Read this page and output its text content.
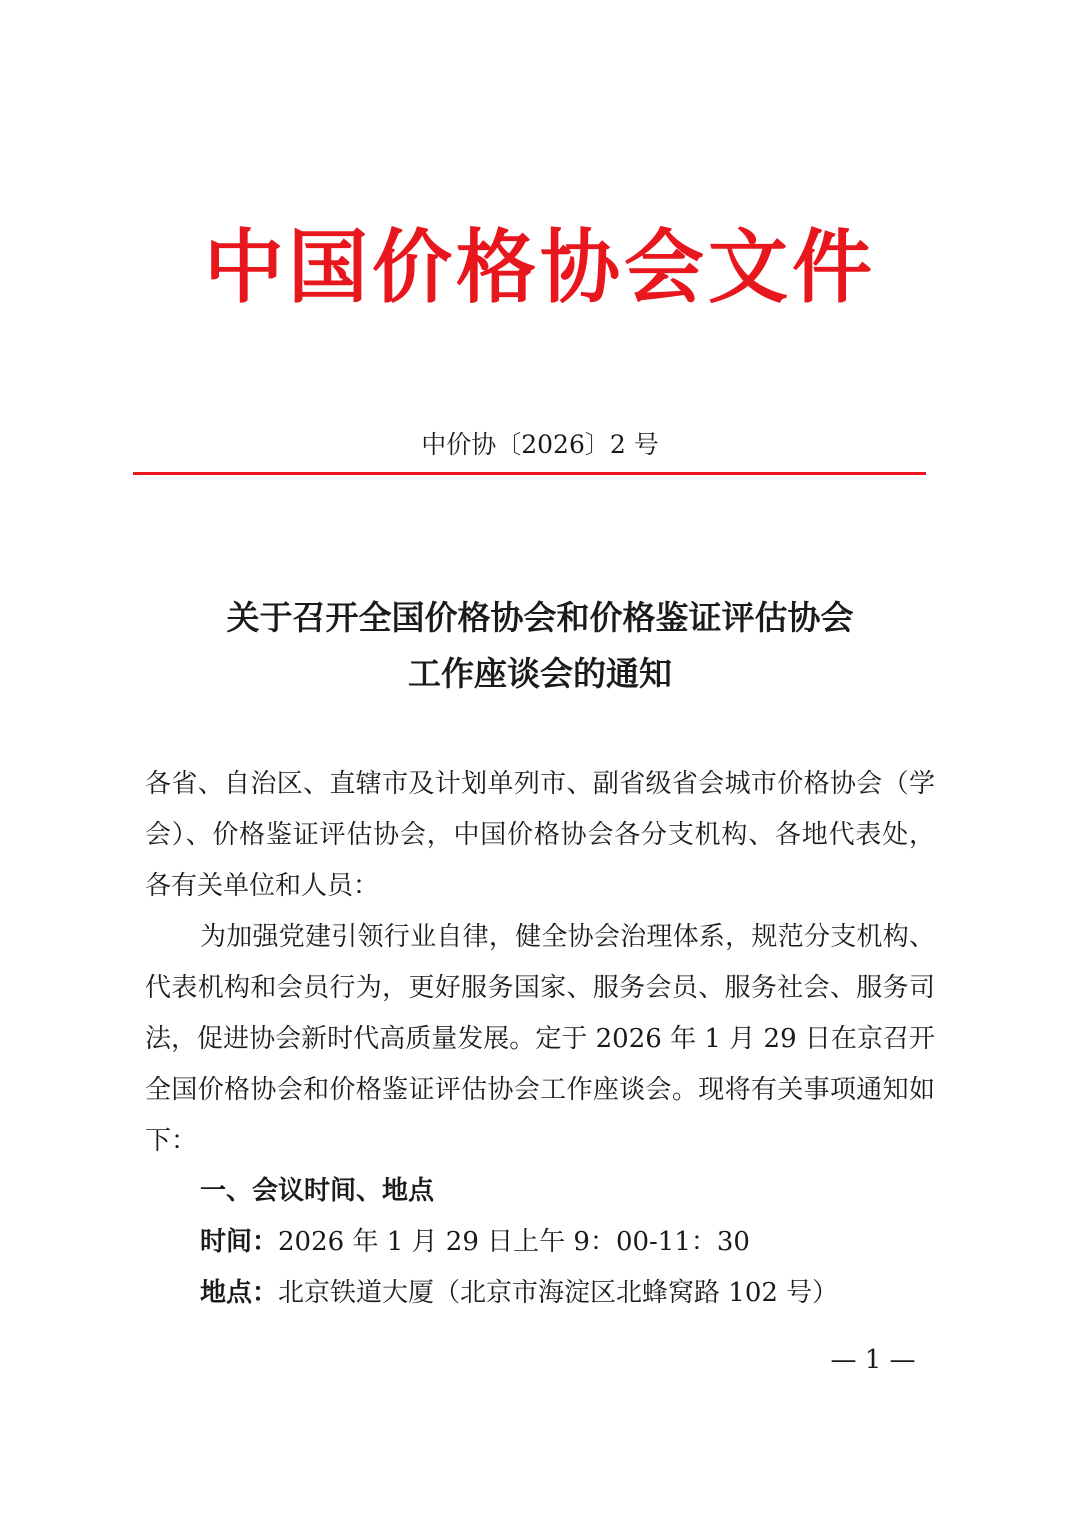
中国价格协会文件
中价协〔2026〕2 号
关于召开全国价格协会和价格鉴证评估协会
工作座谈会的通知
各省、自治区、直辖市及计划单列市、副省级省会城市价格协会（学会）、价格鉴证评估协会，中国价格协会各分支机构、各地代表处，各有关单位和人员：
为加强党建引领行业自律，健全协会治理体系，规范分支机构、代表机构和会员行为，更好服务国家、服务会员、服务社会、服务司法，促进协会新时代高质量发展。定于 2026 年 1 月 29 日在京召开全国价格协会和价格鉴证评估协会工作座谈会。现将有关事项通知如下：
一、会议时间、地点
时间：2026 年 1 月 29 日上午 9：00-11：30
地点：北京铁道大厦（北京市海淀区北蜂窝路 102 号）
— 1 —
